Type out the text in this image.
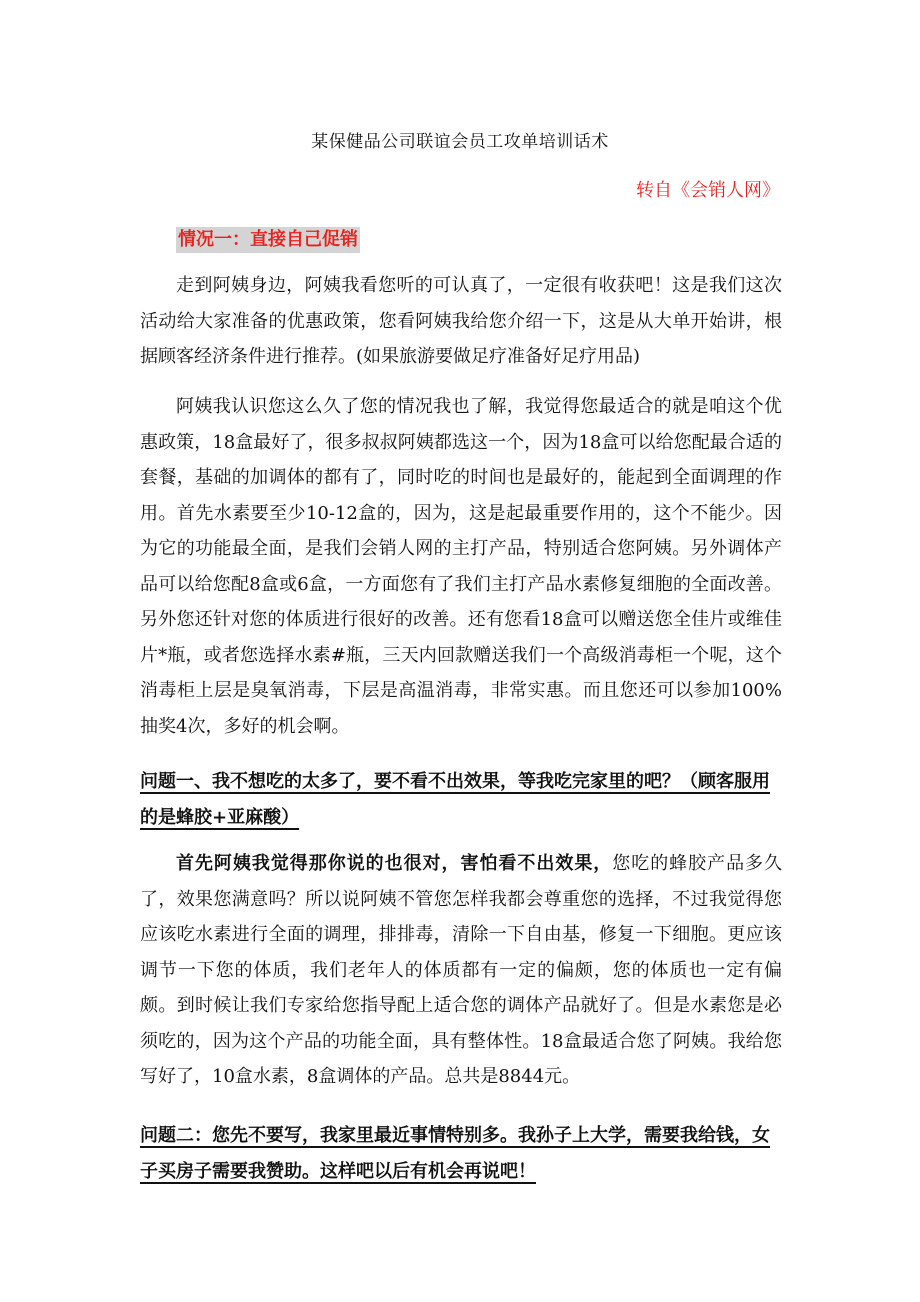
某保健品公司联谊会员工攻单培训话术
转自《会销人网》
情况一：直接自己促销

走到阿姨身边，阿姨我看您听的可认真了，一定很有收获吧！这是我们这次活动给大家准备的优惠政策，您看阿姨我给您介绍一下，这是从大单开始讲，根据顾客经济条件进行推荐。(如果旅游要做足疗准备好足疗用品)

阿姨我认识您这么久了您的情况我也了解，我觉得您最适合的就是咱这个优惠政策，18盒最好了，很多叔叔阿姨都选这一个，因为18盒可以给您配最合适的套餐，基础的加调体的都有了，同时吃的时间也是最好的，能起到全面调理的作用。首先水素要至少10-12盒的，因为，这是起最重要作用的，这个不能少。因为它的功能最全面，是我们会销人网的主打产品，特别适合您阿姨。另外调体产品可以给您配8盒或6盒，一方面您有了我们主打产品水素修复细胞的全面改善。另外您还针对您的体质进行很好的改善。还有您看18盒可以赠送您全佳片或维佳片*瓶，或者您选择水素#瓶，三天内回款赠送我们一个高级消毒柜一个呢，这个消毒柜上层是臭氧消毒，下层是高温消毒，非常实惠。而且您还可以参加100%抽奖4次，多好的机会啊。

问题一、我不想吃的太多了，要不看不出效果，等我吃完家里的吧？（顾客服用的是蜂胶+亚麻酸）

首先阿姨我觉得那你说的也很对，害怕看不出效果，您吃的蜂胶产品多久了，效果您满意吗？所以说阿姨不管您怎样我都会尊重您的选择，不过我觉得您应该吃水素进行全面的调理，排排毒，清除一下自由基，修复一下细胞。更应该调节一下您的体质，我们老年人的体质都有一定的偏颇，您的体质也一定有偏颇。到时候让我们专家给您指导配上适合您的调体产品就好了。但是水素您是必须吃的，因为这个产品的功能全面，具有整体性。18盒最适合您了阿姨。我给您写好了，10盒水素，8盒调体的产品。总共是8844元。

问题二：您先不要写，我家里最近事情特别多。我孙子上大学，需要我给钱，女子买房子需要我赞助。这样吧以后有机会再说吧！
